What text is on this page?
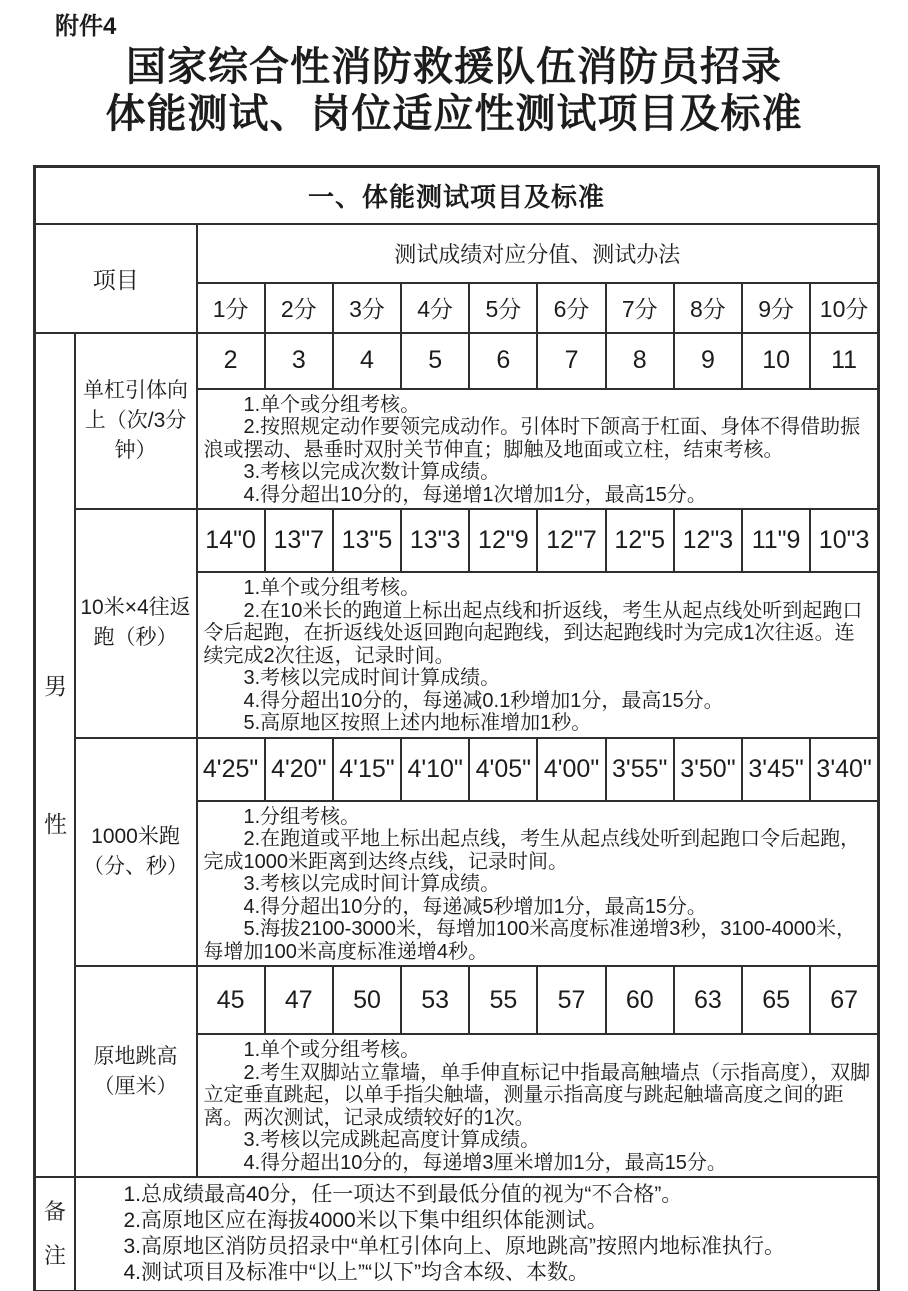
附件4
国家综合性消防救援队伍消防员招录
体能测试、岗位适应性测试项目及标准
一、体能测试项目及标准											
项目		测试成绩对应分值、测试办法									
		1分	2分	3分	4分	5分	6分	7分	8分	9分	10分
男性	单杠引体向上（次/3分钟）	2	3	4	5	6	7	8	9	10	11

		1.单个或分组考核。

2.按照规定动作要领完成动作。引体时下颌高于杠面、身体不得借助振浪或摆动、悬垂时双肘关节伸直；脚触及地面或立柱，结束考核。

3.考核以完成次数计算成绩。

4.得分超出10分的，每递增1次增加1分，最高15分。									

	10米×4往返跑（秒）	14"0	13"7	13"5	13"3	12"9	12"7	12"5	12"3	11"9	10"3

		1.单个或分组考核。

2.在10米长的跑道上标出起点线和折返线，考生从起点线处听到起跑口令后起跑，在折返线处返回跑向起跑线，到达起跑线时为完成1次往返。连续完成2次往返，记录时间。

3.考核以完成时间计算成绩。

4.得分超出10分的，每递减0.1秒增加1分，最高15分。

5.高原地区按照上述内地标准增加1秒。									

	1000米跑（分、秒）	4'25"	4'20"	4'15"	4'10"	4'05"	4'00"	3'55"	3'50"	3'45"	3'40"

		1.分组考核。

2.在跑道或平地上标出起点线，考生从起点线处听到起跑口令后起跑，完成1000米距离到达终点线，记录时间。

3.考核以完成时间计算成绩。

4.得分超出10分的，每递减5秒增加1分，最高15分。

5.海拔2100-3000米，每增加100米高度标准递增3秒，3100-4000米，每增加100米高度标准递增4秒。									

	原地跳高（厘米）	45	47	50	53	55	57	60	63	65	67

		1.单个或分组考核。

2.考生双脚站立靠墙，单手伸直标记中指最高触墙点（示指高度），双脚立定垂直跳起，以单手指尖触墙，测量示指高度与跳起触墙高度之间的距离。两次测试，记录成绩较好的1次。

3.考核以完成跳起高度计算成绩。

4.得分超出10分的，每递增3厘米增加1分，最高15分。									

备注	1.总成绩最高40分，任一项达不到最低分值的视为“不合格”。

2.高原地区应在海拔4000米以下集中组织体能测试。

3.高原地区消防员招录中“单杠引体向上、原地跳高”按照内地标准执行。

4.测试项目及标准中“以上”“以下”均含本级、本数。										
